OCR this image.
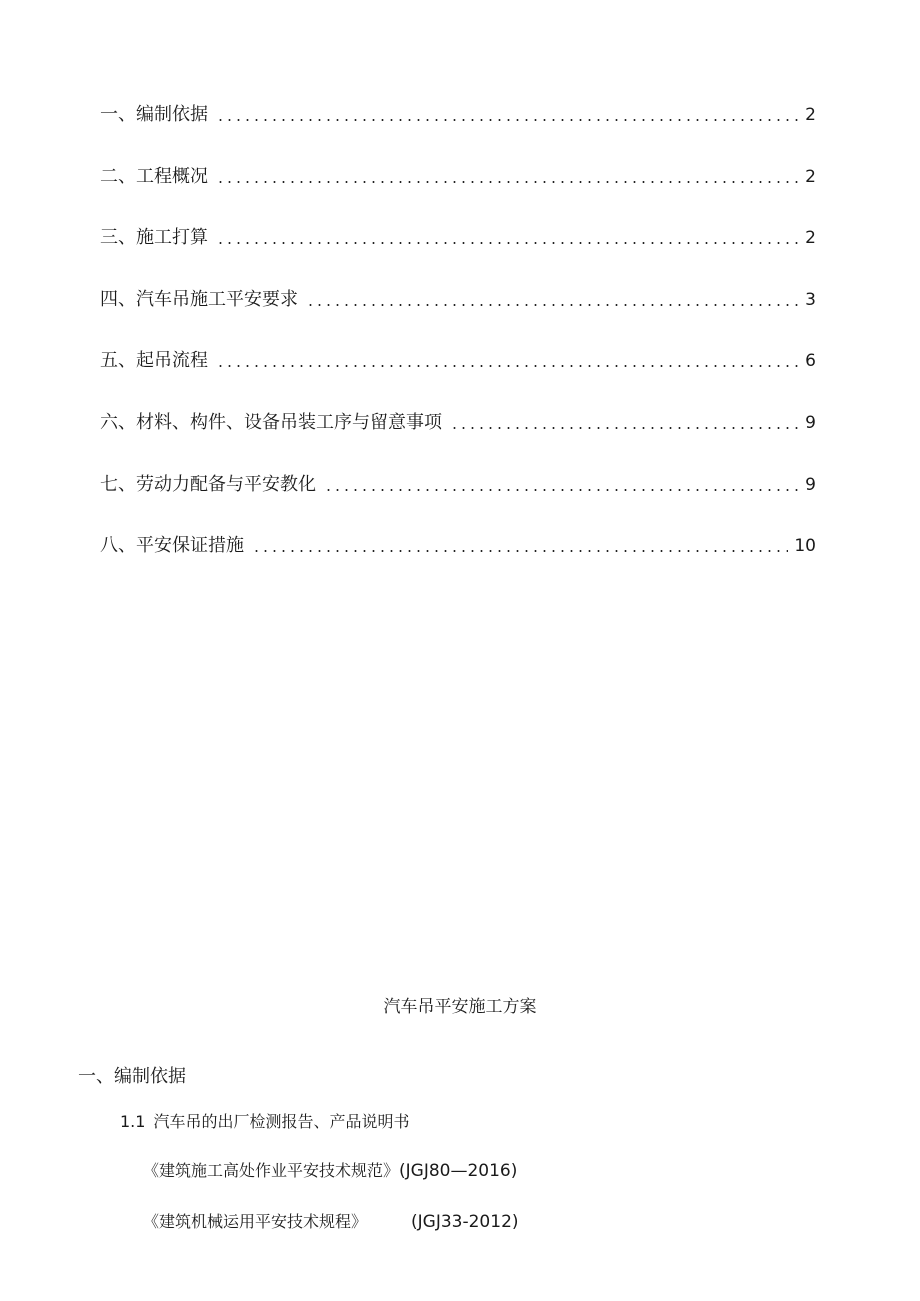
一、编制依据	2
二、工程概况	2
三、施工打算	2
四、汽车吊施工平安要求	3
五、起吊流程	6
六、材料、构件、设备吊装工序与留意事项	9
七、劳动力配备与平安教化	9
八、平安保证措施	10
汽车吊平安施工方案
一、编制依据
1.1 汽车吊的出厂检测报告、产品说明书
《建筑施工高处作业平安技术规范》(JGJ80—2016)
《建筑机械运用平安技术规程》	(JGJ33-2012)
